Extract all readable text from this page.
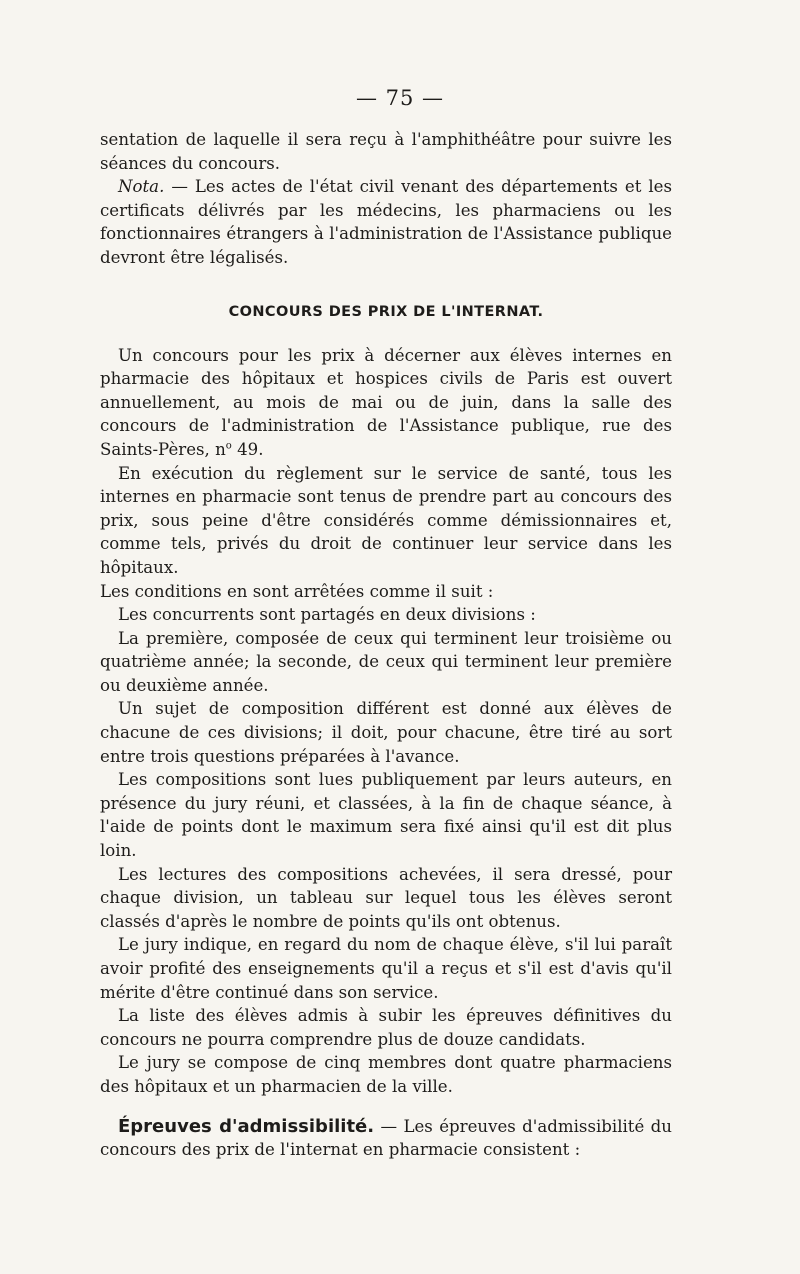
— 75 —

sentation de laquelle il sera reçu à l'amphithéâtre pour suivre les séances du concours.

Nota. — Les actes de l'état civil venant des départements et les certificats délivrés par les médecins, les pharmaciens ou les fonctionnaires étrangers à l'administration de l'Assistance publique devront être légalisés.

CONCOURS DES PRIX DE L'INTERNAT.

Un concours pour les prix à décerner aux élèves internes en pharmacie des hôpitaux et hospices civils de Paris est ouvert annuellement, au mois de mai ou de juin, dans la salle des concours de l'administration de l'Assistance publique, rue des Saints-Pères, $n^o$ 49.

En exécution du règlement sur le service de santé, tous les internes en pharmacie sont tenus de prendre part au concours des prix, sous peine d'être considérés comme démissionnaires et, comme tels, privés du droit de continuer leur service dans les hôpitaux.

Les conditions en sont arrêtées comme il suit :

Les concurrents sont partagés en deux divisions :

La première, composée de ceux qui terminent leur troisième ou quatrième année; la seconde, de ceux qui terminent leur première ou deuxième année.

Un sujet de composition différent est donné aux élèves de chacune de ces divisions; il doit, pour chacune, être tiré au sort entre trois questions préparées à l'avance.

Les compositions sont lues publiquement par leurs auteurs, en présence du jury réuni, et classées, à la fin de chaque séance, à l'aide de points dont le maximum sera fixé ainsi qu'il est dit plus loin.

Les lectures des compositions achevées, il sera dressé, pour chaque division, un tableau sur lequel tous les élèves seront classés d'après le nombre de points qu'ils ont obtenus.

Le jury indique, en regard du nom de chaque élève, s'il lui paraît avoir profité des enseignements qu'il a reçus et s'il est d'avis qu'il mérite d'être continué dans son service.

La liste des élèves admis à subir les épreuves définitives du concours ne pourra comprendre plus de douze candidats.

Le jury se compose de cinq membres dont quatre pharmaciens des hôpitaux et un pharmacien de la ville.

Épreuves d'admissibilité. — Les épreuves d'admissibilité du concours des prix de l'internat en pharmacie consistent :
